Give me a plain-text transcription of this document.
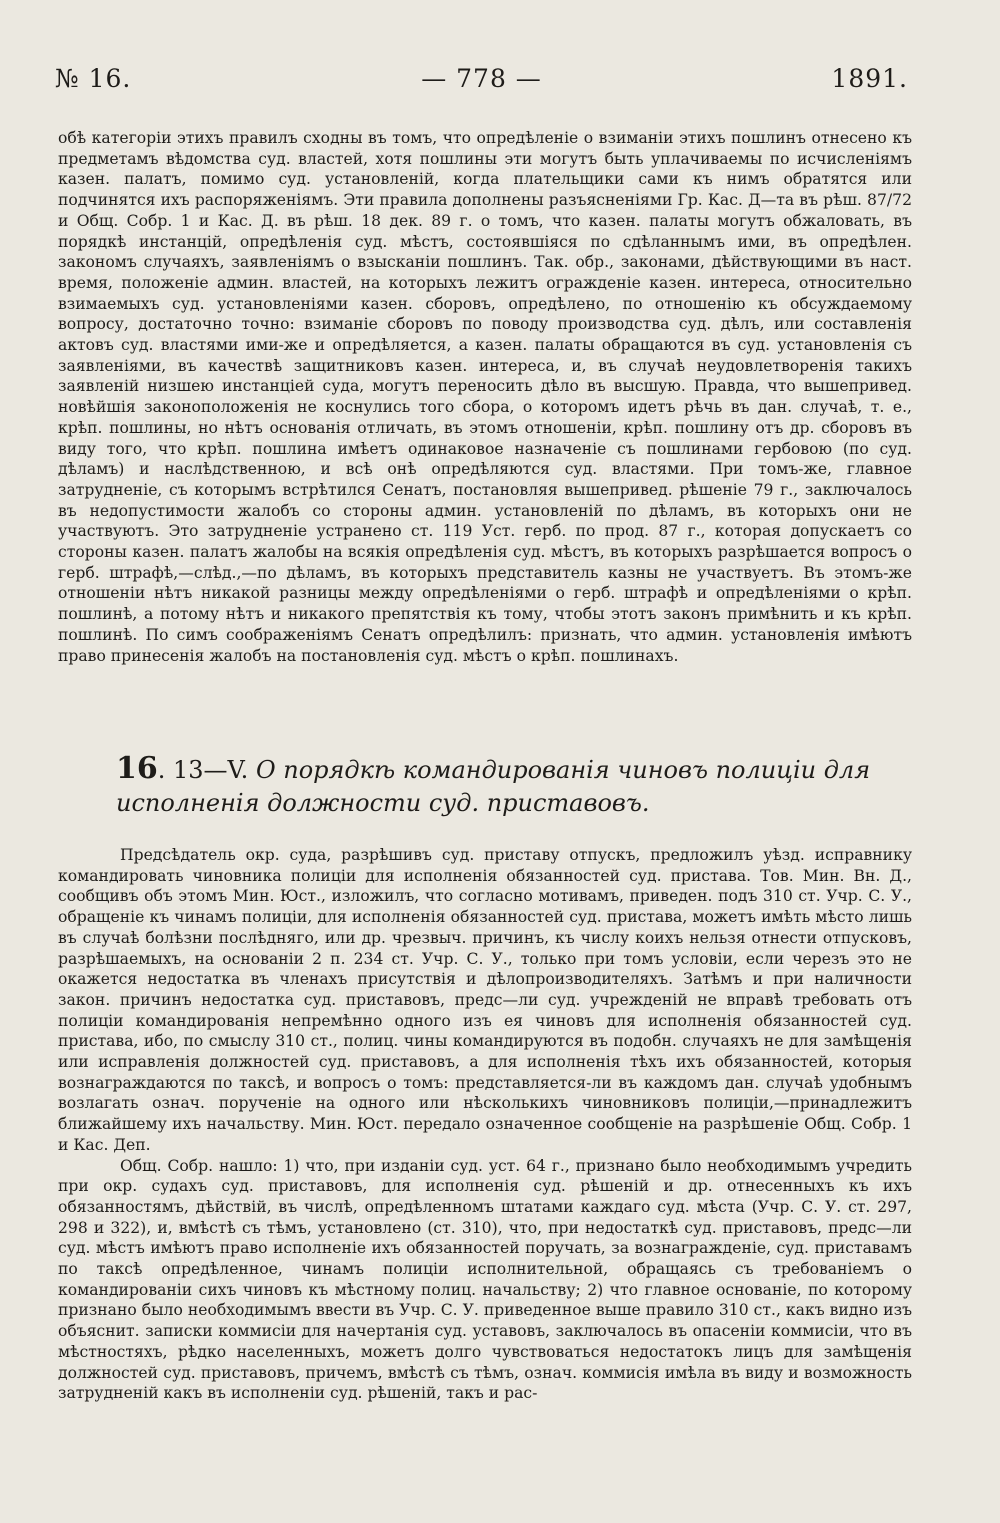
№ 16.	— 778 —	1891.

обѣ категоріи этихъ правилъ сходны въ томъ, что опредѣленіе о взиманіи этихъ пошлинъ отнесено къ предметамъ вѣдомства суд. властей, хотя пошлины эти могутъ быть уплачиваемы по исчисленіямъ казен. палатъ, помимо суд. установленій, когда плательщики сами къ нимъ обратятся или подчинятся ихъ распоряженіямъ. Эти правила дополнены разъясненіями Гр. Кас. Д—та въ рѣш. 87/72 и Общ. Собр. 1 и Кас. Д. въ рѣш. 18 дек. 89 г. о томъ, что казен. палаты могутъ обжаловать, въ порядкѣ инстанцій, опредѣленія суд. мѣстъ, состоявшіяся по сдѣланнымъ ими, въ опредѣлен. закономъ случаяхъ, заявленіямъ о взысканіи пошлинъ. Так. обр., законами, дѣйствующими въ наст. время, положеніе админ. властей, на которыхъ лежитъ огражденіе казен. интереса, относительно взимаемыхъ суд. установленіями казен. сборовъ, опредѣлено, по отношенію къ обсуждаемому вопросу, достаточно точно: взиманіе сборовъ по поводу производства суд. дѣлъ, или составленія актовъ суд. властями ими-же и опредѣляется, а казен. палаты обращаются въ суд. установленія съ заявленіями, въ качествѣ защитниковъ казен. интереса, и, въ случаѣ неудовлетворенія такихъ заявленій низшею инстанціей суда, могутъ переносить дѣло въ высшую. Правда, что вышепривед. новѣйшія законоположенія не коснулись того сбора, о которомъ идетъ рѣчь въ дан. случаѣ, т. е., крѣп. пошлины, но нѣтъ основанія отличать, въ этомъ отношеніи, крѣп. пошлину отъ др. сборовъ въ виду того, что крѣп. пошлина имѣетъ одинаковое назначеніе съ пошлинами гербовою (по суд. дѣламъ) и наслѣдственною, и всѣ онѣ опредѣляются суд. властями. При томъ-же, главное затрудненіе, съ которымъ встрѣтился Сенатъ, постановляя вышепривед. рѣшеніе 79 г., заключалось въ недопустимости жалобъ со стороны админ. установленій по дѣламъ, въ которыхъ они не участвуютъ. Это затрудненіе устранено ст. 119 Уст. герб. по прод. 87 г., которая допускаетъ со стороны казен. палатъ жалобы на всякія опредѣленія суд. мѣстъ, въ которыхъ разрѣшается вопросъ о герб. штрафѣ,—слѣд.,—по дѣламъ, въ которыхъ представитель казны не участвуетъ. Въ этомъ-же отношеніи нѣтъ никакой разницы между опредѣленіями о герб. штрафѣ и опредѣленіями о крѣп. пошлинѣ, а потому нѣтъ и никакого препятствія къ тому, чтобы этотъ законъ примѣнить и къ крѣп. пошлинѣ. По симъ соображеніямъ Сенатъ опредѣлилъ: признать, что админ. установленія имѣютъ право принесенія жалобъ на постановленія суд. мѣстъ о крѣп. пошлинахъ.

16. 13—V. О порядкѣ командированія чиновъ полиціи для исполненія должности суд. приставовъ.

Предсѣдатель окр. суда, разрѣшивъ суд. приставу отпускъ, предложилъ уѣзд. исправнику командировать чиновника полиціи для исполненія обязанностей суд. пристава. Тов. Мин. Вн. Д., сообщивъ объ этомъ Мин. Юст., изложилъ, что согласно мотивамъ, приведен. подъ 310 ст. Учр. С. У., обращеніе къ чинамъ полиціи, для исполненія обязанностей суд. пристава, можетъ имѣть мѣсто лишь въ случаѣ болѣзни послѣдняго, или др. чрезвыч. причинъ, къ числу коихъ нельзя отнести отпусковъ, разрѣшаемыхъ, на основаніи 2 п. 234 ст. Учр. С. У., только при томъ условіи, если черезъ это не окажется недостатка въ членахъ присутствія и дѣлопроизводителяхъ. Затѣмъ и при наличности закон. причинъ недостатка суд. приставовъ, предс—ли суд. учрежденій не вправѣ требовать отъ полиціи командированія непремѣнно одного изъ ея чиновъ для исполненія обязанностей суд. пристава, ибо, по смыслу 310 ст., полиц. чины командируются въ подобн. случаяхъ не для замѣщенія или исправленія должностей суд. приставовъ, а для исполненія тѣхъ ихъ обязанностей, которыя вознаграждаются по таксѣ, и вопросъ о томъ: представляется-ли въ каждомъ дан. случаѣ удобнымъ возлагать означ. порученіе на одного или нѣсколькихъ чиновниковъ полиціи,—принадлежитъ ближайшему ихъ начальству. Мин. Юст. передало означенное сообщеніе на разрѣшеніе Общ. Собр. 1 и Кас. Деп.

Общ. Собр. нашло: 1) что, при изданіи суд. уст. 64 г., признано было необходимымъ учредить при окр. судахъ суд. приставовъ, для исполненія суд. рѣшеній и др. отнесенныхъ къ ихъ обязанностямъ, дѣйствій, въ числѣ, опредѣленномъ штатами каждаго суд. мѣста (Учр. С. У. ст. 297, 298 и 322), и, вмѣстѣ съ тѣмъ, установлено (ст. 310), что, при недостаткѣ суд. приставовъ, предс—ли суд. мѣстъ имѣютъ право исполненіе ихъ обязанностей поручать, за вознагражденіе, суд. приставамъ по таксѣ опредѣленное, чинамъ полиціи исполнительной, обращаясь съ требованіемъ о командированіи сихъ чиновъ къ мѣстному полиц. начальству; 2) что главное основаніе, по которому признано было необходимымъ ввести въ Учр. С. У. приведенное выше правило 310 ст., какъ видно изъ объяснит. записки коммисіи для начертанія суд. уставовъ, заключалось въ опасеніи коммисіи, что въ мѣстностяхъ, рѣдко населенныхъ, можетъ долго чувствоваться недостатокъ лицъ для замѣщенія должностей суд. приставовъ, причемъ, вмѣстѣ съ тѣмъ, означ. коммисія имѣла въ виду и возможность затрудненій какъ въ исполненіи суд. рѣшеній, такъ и рас-
